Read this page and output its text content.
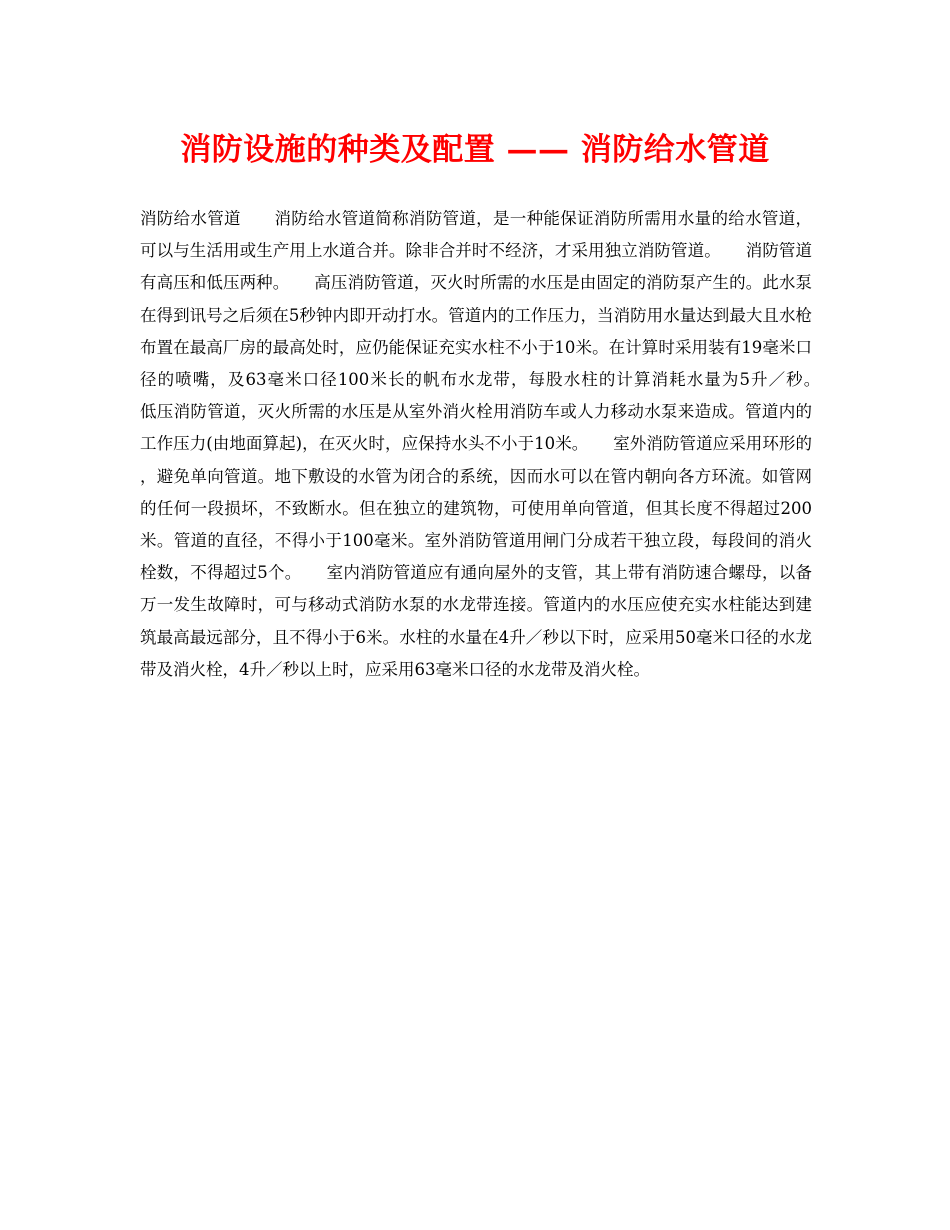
消防设施的种类及配置 —— 消防给水管道

消防给水管道　　消防给水管道简称消防管道，是一种能保证消防所需用水量的给水管道，可以与生活用或生产用上水道合并。除非合并时不经济，才采用独立消防管道。　　消防管道有高压和低压两种。　　高压消防管道，灭火时所需的水压是由固定的消防泵产生的。此水泵在得到讯号之后须在5秒钟内即开动打水。管道内的工作压力，当消防用水量达到最大且水枪布置在最高厂房的最高处时，应仍能保证充实水柱不小于10米。在计算时采用装有19毫米口径的喷嘴，及63毫米口径100米长的帆布水龙带，每股水柱的计算消耗水量为5升／秒。　　低压消防管道，灭火所需的水压是从室外消火栓用消防车或人力移动水泵来造成。管道内的工作压力(由地面算起)，在灭火时，应保持水头不小于10米。　　室外消防管道应采用环形的，避免单向管道。地下敷设的水管为闭合的系统，因而水可以在管内朝向各方环流。如管网的任何一段损坏，不致断水。但在独立的建筑物，可使用单向管道，但其长度不得超过200米。管道的直径，不得小于100毫米。室外消防管道用闸门分成若干独立段，每段间的消火栓数，不得超过5个。　　室内消防管道应有通向屋外的支管，其上带有消防速合螺母，以备万一发生故障时，可与移动式消防水泵的水龙带连接。管道内的水压应使充实水柱能达到建筑最高最远部分，且不得小于6米。水柱的水量在4升／秒以下时，应采用50毫米口径的水龙带及消火栓，4升／秒以上时，应采用63毫米口径的水龙带及消火栓。
